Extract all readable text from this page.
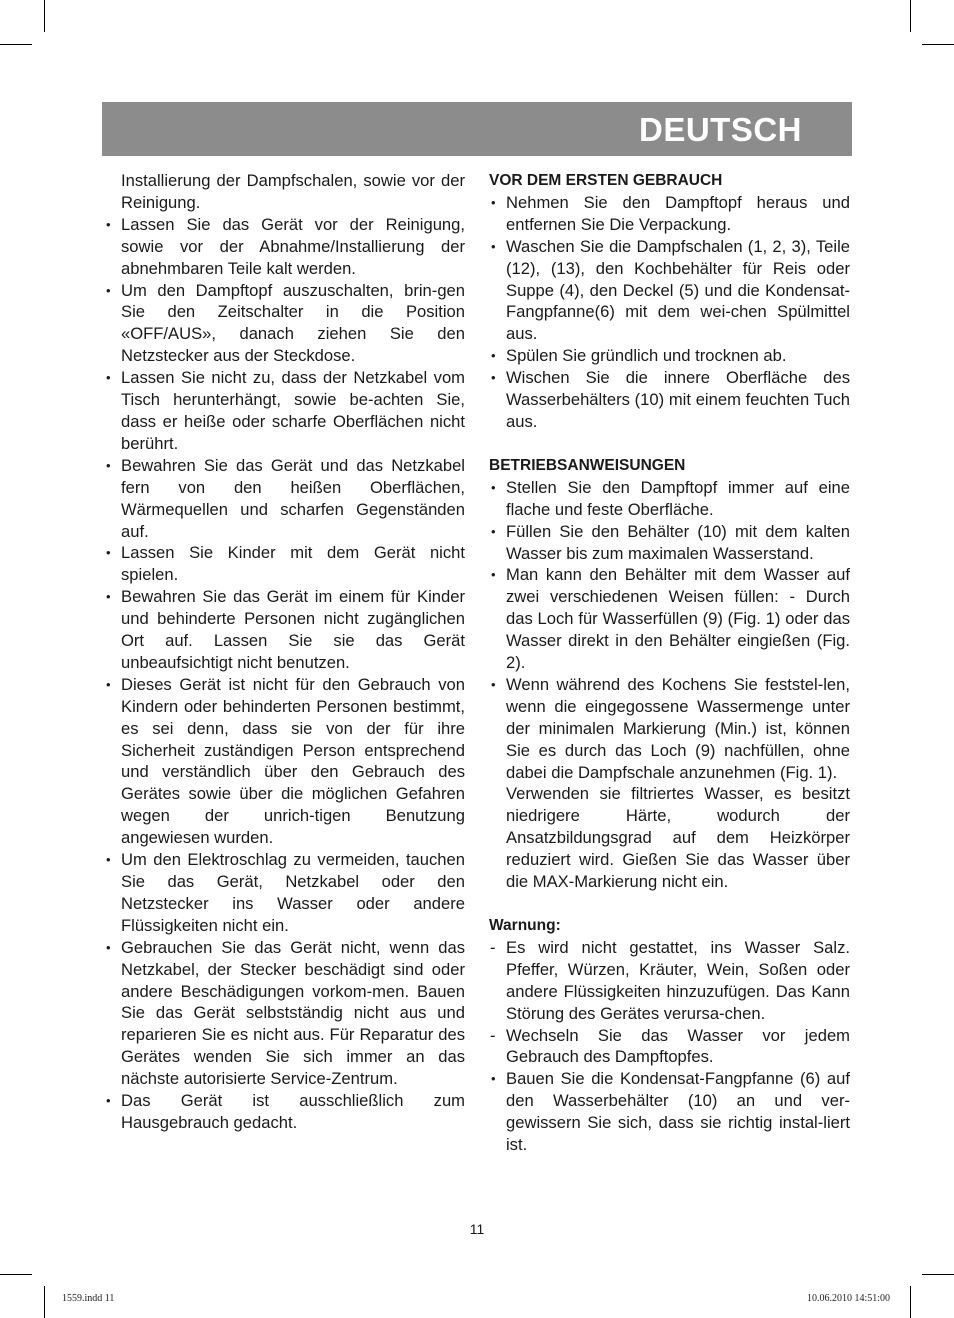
DEUTSCH
Installierung der Dampfschalen, sowie vor der Reinigung.
• Lassen Sie das Gerät vor der Reinigung, sowie vor der Abnahme/Installierung der abnehmbaren Teile kalt werden.
• Um den Dampftopf auszuschalten, brin-gen Sie den Zeitschalter in die Position «OFF/AUS», danach ziehen Sie den Netzstecker aus der Steckdose.
• Lassen Sie nicht zu, dass der Netzkabel vom Tisch herunterhängt, sowie be-achten Sie, dass er heiße oder scharfe Oberflächen nicht berührt.
• Bewahren Sie das Gerät und das Netzkabel fern von den heißen Oberflächen, Wärmequellen und scharfen Gegenständen auf.
• Lassen Sie Kinder mit dem Gerät nicht spielen.
• Bewahren Sie das Gerät im einem für Kinder und behinderte Personen nicht zugänglichen Ort auf. Lassen Sie sie das Gerät unbeaufsichtigt nicht benutzen.
• Dieses Gerät ist nicht für den Gebrauch von Kindern oder behinderten Personen bestimmt, es sei denn, dass sie von der für ihre Sicherheit zuständigen Person entsprechend und verständlich über den Gebrauch des Gerätes sowie über die möglichen Gefahren wegen der unrich-tigen Benutzung angewiesen wurden.
• Um den Elektroschlag zu vermeiden, tauchen Sie das Gerät, Netzkabel oder den Netzstecker ins Wasser oder andere Flüssigkeiten nicht ein.
• Gebrauchen Sie das Gerät nicht, wenn das Netzkabel, der Stecker beschädigt sind oder andere Beschädigungen vorkom-men. Bauen Sie das Gerät selbstständig nicht aus und reparieren Sie es nicht aus. Für Reparatur des Gerätes wenden Sie sich immer an das nächste autorisierte Service-Zentrum.
• Das Gerät ist ausschließlich zum Hausgebrauch gedacht.
VOR DEM ERSTEN GEBRAUCH
• Nehmen Sie den Dampftopf heraus und entfernen Sie Die Verpackung.
• Waschen Sie die Dampfschalen (1, 2, 3), Teile (12), (13), den Kochbehälter für Reis oder Suppe (4), den Deckel (5) und die Kondensat-Fangpfanne(6) mit dem wei-chen Spülmittel aus.
• Spülen Sie gründlich und trocknen ab.
• Wischen Sie die innere Oberfläche des Wasserbehälters (10) mit einem feuchten Tuch aus.
BETRIEBSANWEISUNGEN
• Stellen Sie den Dampftopf immer auf eine flache und feste Oberfläche.
• Füllen Sie den Behälter (10) mit dem kalten Wasser bis zum maximalen Wasserstand.
• Man kann den Behälter mit dem Wasser auf zwei verschiedenen Weisen füllen: - Durch das Loch für Wasserfüllen (9) (Fig. 1) oder das Wasser direkt in den Behälter eingießen (Fig. 2).
• Wenn während des Kochens Sie feststel-len, wenn die eingegossene Wassermenge unter der minimalen Markierung (Min.) ist, können Sie es durch das Loch (9) nachfüllen, ohne dabei die Dampfschale anzunehmen (Fig. 1).
Verwenden sie filtriertes Wasser, es besitzt niedrigere Härte, wodurch der Ansatzbildungsgrad auf dem Heizkörper reduziert wird. Gießen Sie das Wasser über die MAX-Markierung nicht ein.
Warnung:
- Es wird nicht gestattet, ins Wasser Salz. Pfeffer, Würzen, Kräuter, Wein, Soßen oder andere Flüssigkeiten hinzuzufügen. Das Kann Störung des Gerätes verursa-chen.
- Wechseln Sie das Wasser vor jedem Gebrauch des Dampftopfes.
• Bauen Sie die Kondensat-Fangpfanne (6) auf den Wasserbehälter (10) an und ver-gewissern Sie sich, dass sie richtig instal-liert ist.
11
1559.indd 11	10.06.2010 14:51:00
